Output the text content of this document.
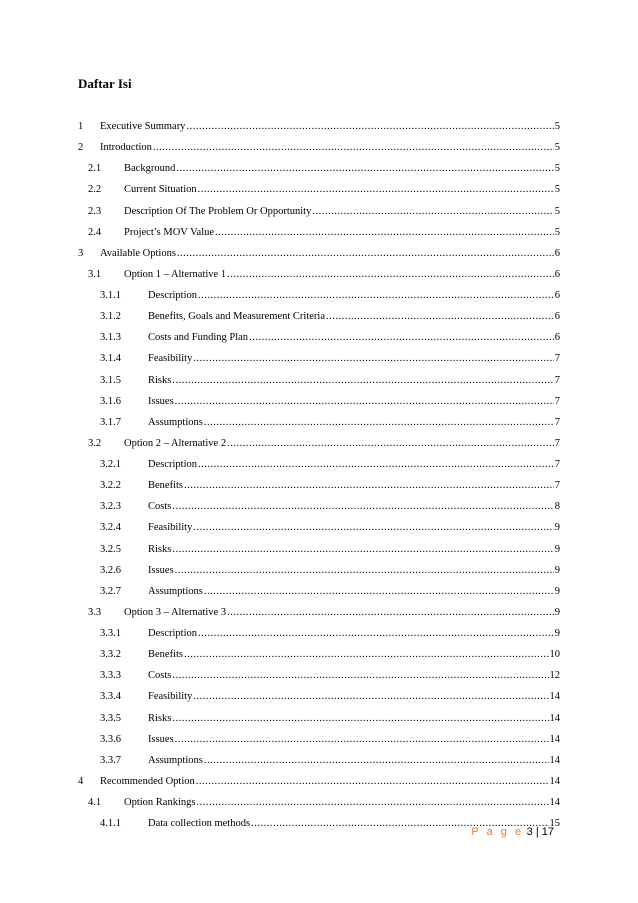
Daftar Isi
1	Executive Summary .....	5
2	Introduction .....	5
2.1	Background .....	5
2.2	Current Situation .....	5
2.3	Description Of The Problem Or Opportunity .....	5
2.4	Project’s MOV Value .....	5
3	Available Options .....	6
3.1	Option 1 – Alternative 1 .....	6
3.1.1	Description .....	6
3.1.2	Benefits, Goals and Measurement Criteria .....	6
3.1.3	Costs and Funding Plan .....	6
3.1.4	Feasibility .....	7
3.1.5	Risks .....	7
3.1.6	Issues .....	7
3.1.7	Assumptions .....	7
3.2	Option 2 – Alternative 2 .....	7
3.2.1	Description .....	7
3.2.2	Benefits .....	7
3.2.3	Costs .....	8
3.2.4	Feasibility .....	9
3.2.5	Risks .....	9
3.2.6	Issues .....	9
3.2.7	Assumptions .....	9
3.3	Option 3 – Alternative 3 .....	9
3.3.1	Description .....	9
3.3.2	Benefits .....	10
3.3.3	Costs .....	12
3.3.4	Feasibility .....	14
3.3.5	Risks .....	14
3.3.6	Issues .....	14
3.3.7	Assumptions .....	14
4	Recommended Option .....	14
4.1	Option Rankings .....	14
4.1.1	Data collection methods .....	15
P a g e 3 | 17
